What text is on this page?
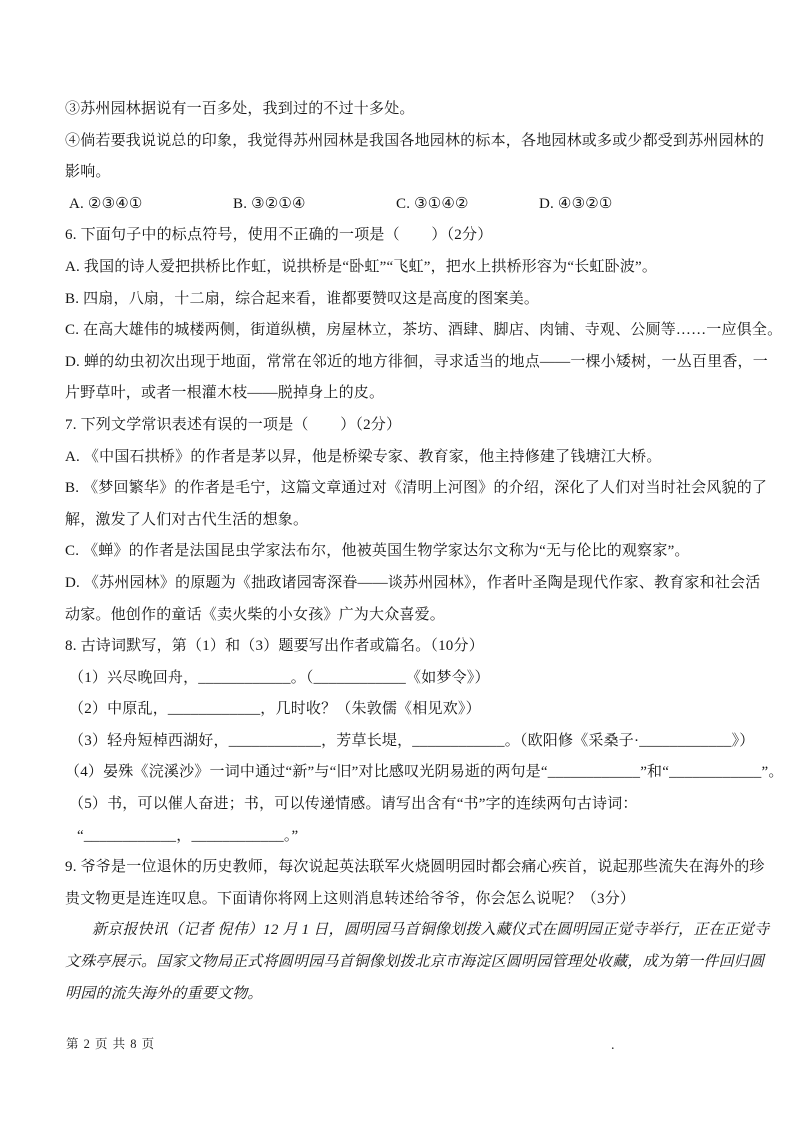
③苏州园林据说有一百多处，我到过的不过十多处。

④倘若要我说说总的印象，我觉得苏州园林是我国各地园林的标本，各地园林或多或少都受到苏州园林的

影响。

A. ②③④①	B. ③②①④	C. ③①④②	D. ④③②①

6. 下面句子中的标点符号，使用不正确的一项是（        ）（2分）

A. 我国的诗人爱把拱桥比作虹，说拱桥是“卧虹”“飞虹”，把水上拱桥形容为“长虹卧波”。

B. 四扇，八扇，十二扇，综合起来看，谁都要赞叹这是高度的图案美。

C. 在高大雄伟的城楼两侧，街道纵横，房屋林立，茶坊、酒肆、脚店、肉铺、寺观、公厕等……一应俱全。

D. 蝉的幼虫初次出现于地面，常常在邻近的地方徘徊，寻求适当的地点——一棵小矮树，一丛百里香，一

片野草叶，或者一根灌木枝——脱掉身上的皮。

7. 下列文学常识表述有误的一项是（        ）（2分）

A. 《中国石拱桥》的作者是茅以昇，他是桥梁专家、教育家，他主持修建了钱塘江大桥。

B. 《梦回繁华》的作者是毛宁，这篇文章通过对《清明上河图》的介绍，深化了人们对当时社会风貌的了

解，激发了人们对古代生活的想象。

C. 《蝉》的作者是法国昆虫学家法布尔，他被英国生物学家达尔文称为“无与伦比的观察家”。

D. 《苏州园林》的原题为《拙政诸园寄深眷——谈苏州园林》，作者叶圣陶是现代作家、教育家和社会活

动家。他创作的童话《卖火柴的小女孩》广为大众喜爱。

8. 古诗词默写，第（1）和（3）题要写出作者或篇名。（10分）

（1）兴尽晚回舟，____________。（____________《如梦令》）

（2）中原乱，____________，几时收？（朱敦儒《相见欢》）

（3）轻舟短棹西湖好，____________，芳草长堤，____________。（欧阳修《采桑子·____________》）

（4）晏殊《浣溪沙》一词中通过“新”与“旧”对比感叹光阴易逝的两句是“____________”和“____________”。

（5）书，可以催人奋进；书，可以传递情感。请写出含有“书”字的连续两句古诗词：

“____________，____________。”

9. 爷爷是一位退休的历史教师，每次说起英法联军火烧圆明园时都会痛心疾首，说起那些流失在海外的珍

贵文物更是连连叹息。下面请你将网上这则消息转述给爷爷，你会怎么说呢？（3分）

新京报快讯（记者 倪伟）12 月 1 日，圆明园马首铜像划拨入藏仪式在圆明园正觉寺举行，正在正觉寺

文殊亭展示。国家文物局正式将圆明园马首铜像划拨北京市海淀区圆明园管理处收藏，成为第一件回归圆

明园的流失海外的重要文物。

第 2 页 共 8 页	.
